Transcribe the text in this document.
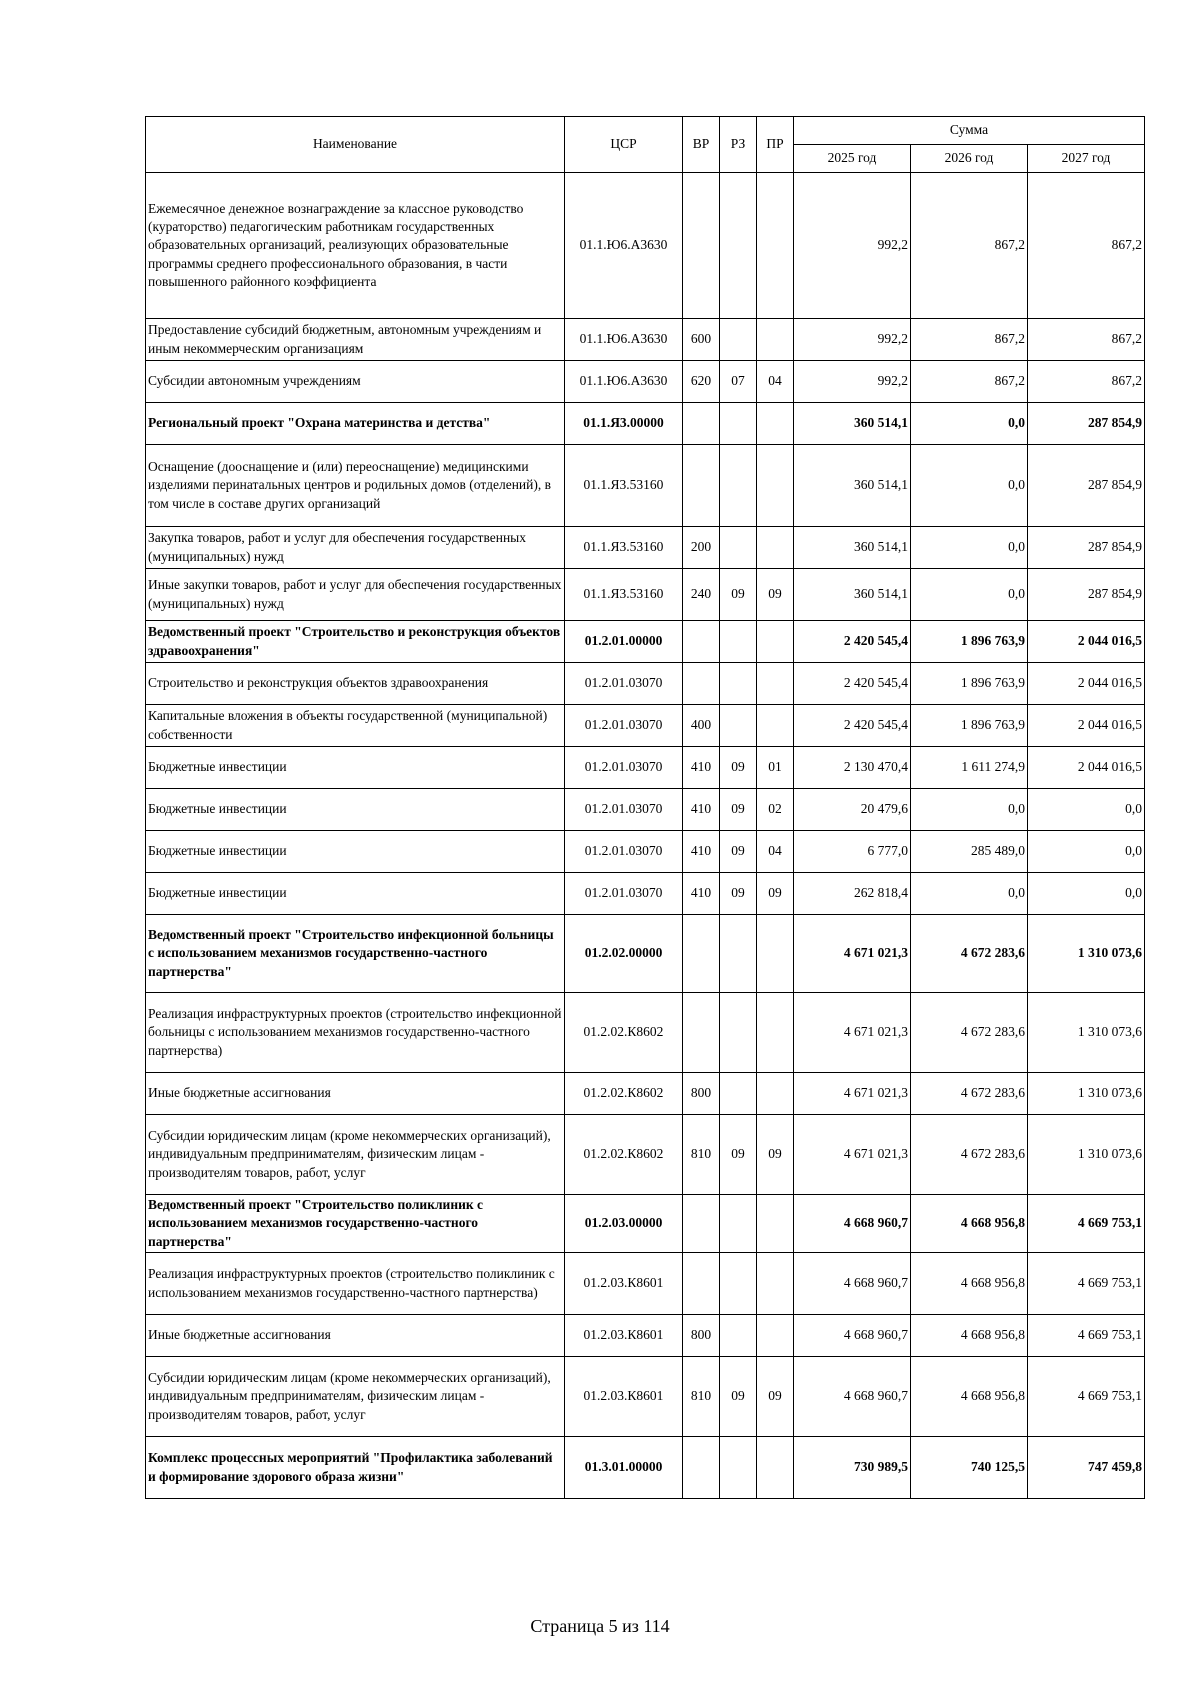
Наименование	ЦСР	ВР	РЗ	ПР	Сумма		
					2025 год	2026 год	2027 год
Ежемесячное денежное вознаграждение за классное руководство (кураторство) педагогическим работникам государственных образовательных организаций, реализующих образовательные программы среднего профессионального образования, в части повышенного районного коэффициента	01.1.Ю6.А3630				992,2	867,2	867,2
Предоставление субсидий бюджетным, автономным учреждениям и иным некоммерческим организациям	01.1.Ю6.А3630	600			992,2	867,2	867,2
Субсидии автономным учреждениям	01.1.Ю6.А3630	620	07	04	992,2	867,2	867,2
Региональный проект "Охрана материнства и детства"	01.1.Я3.00000				360 514,1	0,0	287 854,9
Оснащение (дооснащение и (или) переоснащение) медицинскими изделиями перинатальных центров и родильных домов (отделений), в том числе в составе других организаций	01.1.Я3.53160				360 514,1	0,0	287 854,9
Закупка товаров, работ и услуг для обеспечения государственных (муниципальных) нужд	01.1.Я3.53160	200			360 514,1	0,0	287 854,9
Иные закупки товаров, работ и услуг для обеспечения государственных (муниципальных) нужд	01.1.Я3.53160	240	09	09	360 514,1	0,0	287 854,9
Ведомственный проект "Строительство и реконструкция объектов здравоохранения"	01.2.01.00000				2 420 545,4	1 896 763,9	2 044 016,5
Строительство и реконструкция объектов здравоохранения	01.2.01.03070				2 420 545,4	1 896 763,9	2 044 016,5
Капитальные вложения в объекты государственной (муниципальной) собственности	01.2.01.03070	400			2 420 545,4	1 896 763,9	2 044 016,5
Бюджетные инвестиции	01.2.01.03070	410	09	01	2 130 470,4	1 611 274,9	2 044 016,5
Бюджетные инвестиции	01.2.01.03070	410	09	02	20 479,6	0,0	0,0
Бюджетные инвестиции	01.2.01.03070	410	09	04	6 777,0	285 489,0	0,0
Бюджетные инвестиции	01.2.01.03070	410	09	09	262 818,4	0,0	0,0
Ведомственный проект "Строительство инфекционной больницы с использованием механизмов государственно-частного партнерства"	01.2.02.00000				4 671 021,3	4 672 283,6	1 310 073,6
Реализация инфраструктурных проектов (строительство инфекционной больницы с использованием механизмов государственно-частного партнерства)	01.2.02.К8602				4 671 021,3	4 672 283,6	1 310 073,6
Иные бюджетные ассигнования	01.2.02.К8602	800			4 671 021,3	4 672 283,6	1 310 073,6
Субсидии юридическим лицам (кроме некоммерческих организаций), индивидуальным предпринимателям, физическим лицам - производителям товаров, работ, услуг	01.2.02.К8602	810	09	09	4 671 021,3	4 672 283,6	1 310 073,6
Ведомственный проект "Строительство поликлиник с использованием механизмов государственно-частного партнерства"	01.2.03.00000				4 668 960,7	4 668 956,8	4 669 753,1
Реализация инфраструктурных проектов (строительство поликлиник с использованием механизмов государственно-частного партнерства)	01.2.03.К8601				4 668 960,7	4 668 956,8	4 669 753,1
Иные бюджетные ассигнования	01.2.03.К8601	800			4 668 960,7	4 668 956,8	4 669 753,1
Субсидии юридическим лицам (кроме некоммерческих организаций), индивидуальным предпринимателям, физическим лицам - производителям товаров, работ, услуг	01.2.03.К8601	810	09	09	4 668 960,7	4 668 956,8	4 669 753,1
Комплекс процессных мероприятий "Профилактика заболеваний и формирование здорового образа жизни"	01.3.01.00000				730 989,5	740 125,5	747 459,8
Страница 5 из 114
